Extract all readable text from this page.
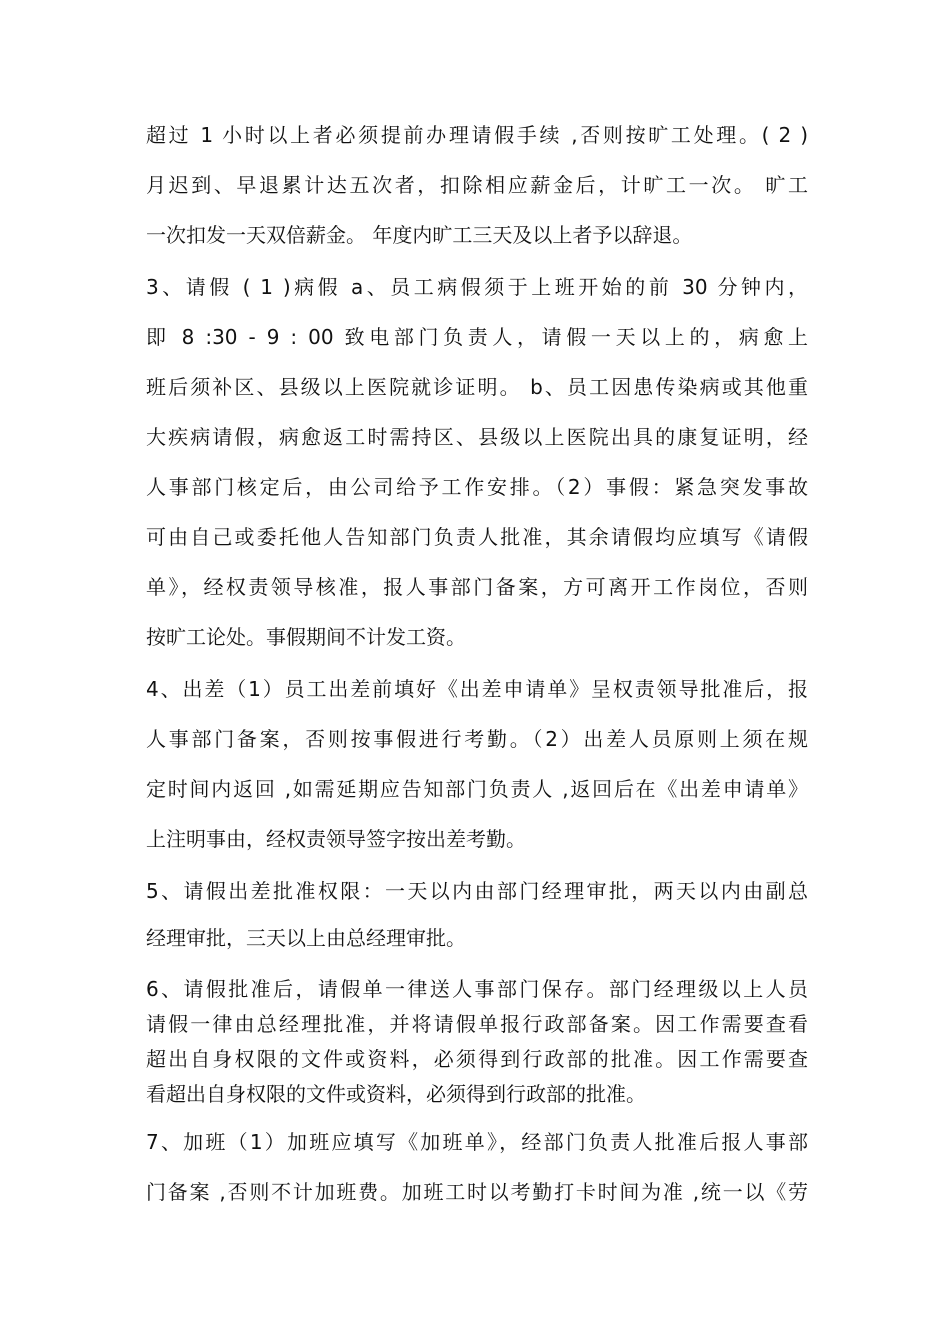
超过 1 小时以上者必须提前办理请假手续 ,否则按旷工处理。( 2 )
月迟到、早退累计达五次者，扣除相应薪金后，计旷工一次。 旷工
一次扣发一天双倍薪金。 年度内旷工三天及以上者予以辞退。
3、请假 ( 1 )病假 a、员工病假须于上班开始的前 30 分钟内，
即 8 :30 - 9 : 00 致电部门负责人，请假一天以上的，病愈上
班后须补区、县级以上医院就诊证明。 b、员工因患传染病或其他重
大疾病请假，病愈返工时需持区、县级以上医院出具的康复证明，经
人事部门核定后，由公司给予工作安排。（2）事假：紧急突发事故
可由自己或委托他人告知部门负责人批准，其余请假均应填写《请假
单》，经权责领导核准，报人事部门备案，方可离开工作岗位，否则
按旷工论处。事假期间不计发工资。
4、出差（1）员工出差前填好《出差申请单》呈权责领导批准后，报
人事部门备案，否则按事假进行考勤。（2）出差人员原则上须在规
定时间内返回 ,如需延期应告知部门负责人 ,返回后在《出差申请单》
上注明事由，经权责领导签字按出差考勤。
5、请假出差批准权限：一天以内由部门经理审批，两天以内由副总
经理审批，三天以上由总经理审批。
6、请假批准后，请假单一律送人事部门保存。部门经理级以上人员
请假一律由总经理批准，并将请假单报行政部备案。因工作需要查看
超出自身权限的文件或资料，必须得到行政部的批准。因工作需要查
看超出自身权限的文件或资料，必须得到行政部的批准。
7、加班（1）加班应填写《加班单》，经部门负责人批准后报人事部
门备案 ,否则不计加班费。加班工时以考勤打卡时间为准 ,统一以《劳
